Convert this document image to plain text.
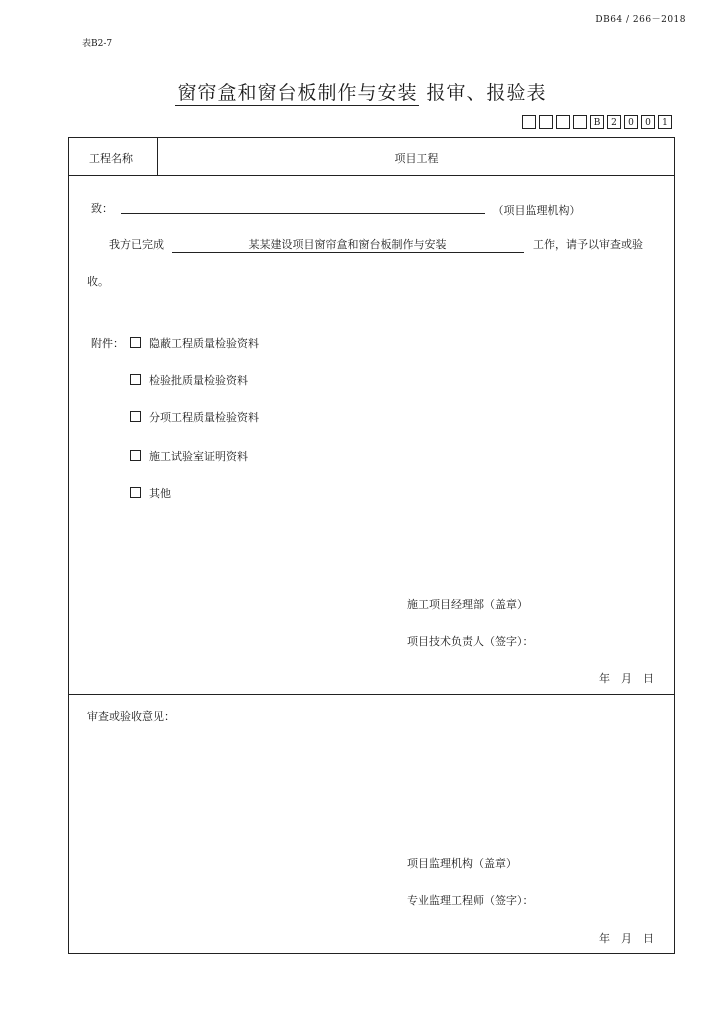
DB64 / 266－2018
表B2-7
窗帘盒和窗台板制作与安装 报审、报验表
B	2	0	0	1
工程名称	项目工程
致：	（项目监理机构）
我方已完成	某某建设项目窗帘盒和窗台板制作与安装	工作，请予以审查或验
收。
附件：	隐蔽工程质量检验资料
检验批质量检验资料
分项工程质量检验资料
施工试验室证明资料
其他
施工项目经理部（盖章）
项目技术负责人（签字）：
年　月　日
审查或验收意见：
项目监理机构（盖章）
专业监理工程师（签字）：
年　月　日
